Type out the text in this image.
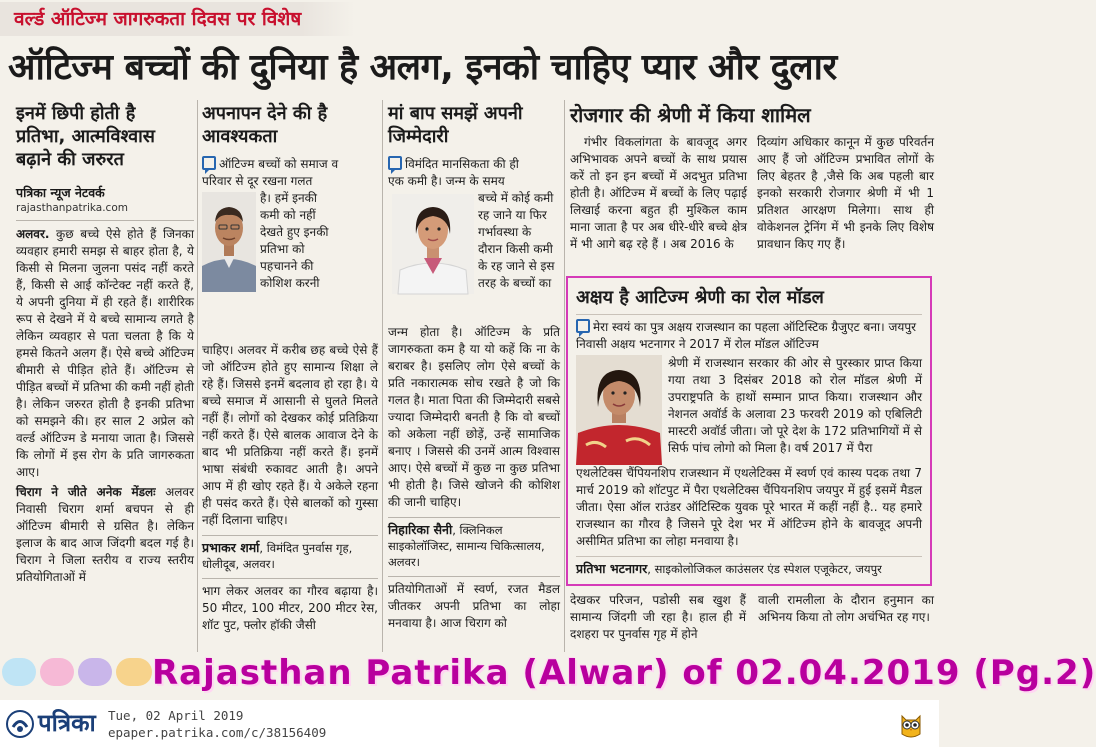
वर्ल्ड ऑटिज्म जागरुकता दिवस पर विशेष
ऑटिज्म बच्चों की दुनिया है अलग, इनको चाहिए प्यार और दुलार
इनमें छिपी होती है
प्रतिभा, आत्मविश्वास
बढ़ाने की जरुरत
पत्रिका न्यूज नेटवर्क
rajasthanpatrika.com

अलवर. कुछ बच्चे ऐसे होते हैं जिनका व्यवहार हमारी समझ से बाहर होता है, ये किसी से मिलना जुलना पसंद नहीं करते हैं, किसी से आई कॉन्टेक्ट नहीं करते हैं, ये अपनी दुनिया में ही रहते हैं। शारीरिक रूप से देखने में ये बच्चे सामान्य लगते है लेकिन व्यवहार से पता चलता है कि ये हमसे कितने अलग हैं। ऐसे बच्चे ऑटिज्म बीमारी से पीड़ित होते हैं। ऑटिज्म से पीड़ित बच्चों में प्रतिभा की कमी नहीं होती है। लेकिन जरुरत होती है इनकी प्रतिभा को समझने की। हर साल 2 अप्रेल को वर्ल्ड ऑटिज्म डे मनाया जाता है। जिससे कि लोगों में इस रोग के प्रति जागरुकता आए।

चिराग ने जीते अनेक मेंडलः अलवर निवासी चिराग शर्मा बचपन से ही ऑटिज्म बीमारी से ग्रसित है। लेकिन इलाज के बाद आज जिंदगी बदल गई है। चिराग ने जिला स्तरीय व राज्य स्तरीय प्रतियोगिताओं में

अपनापन देने की है
आवश्यकता
ऑटिज्म बच्चों को समाज व
परिवार से दूर रखना गलत
है। हमें इनकी
कमी को नहीं
देखते हुए इनकी
प्रतिभा को
पहचानने की
कोशिश करनी

चाहिए। अलवर में करीब छह बच्चे ऐसे हैं जो ऑटिज्म होते हुए सामान्य शिक्षा ले रहे हैं। जिससे इनमें बदलाव हो रहा है। ये बच्चे समाज में आसानी से घुलते मिलते नहीं हैं। लोगों को देखकर कोई प्रतिक्रिया नहीं करते हैं। ऐसे बालक आवाज देने के बाद भी प्रतिक्रिया नहीं करते हैं। इनमें भाषा संबंधी रुकावट आती है। अपने आप में ही खोए रहते हैं। ये अकेले रहना ही पसंद करते हैं। ऐसे बालकों को गुस्सा नहीं दिलाना चाहिए।

प्रभाकर शर्मा, विमंदित पुनर्वास गृह, धोलीदूब, अलवर।

भाग लेकर अलवर का गौरव बढ़ाया है। 50 मीटर, 100 मीटर, 200 मीटर रेस, शॉट पुट, फ्लोर हॉकी जैसी

मां बाप समझें अपनी
जिम्मेदारी
विमंदित मानसिकता की ही
एक कमी है। जन्म के समय
बच्चे में कोई कमी
रह जाने या फिर
गर्भावस्था के
दौरान किसी कमी
के रह जाने से इस
तरह के बच्चों का

जन्म होता है। ऑटिज्म के प्रति जागरुकता कम है या यो कहें कि ना के बराबर है। इसलिए लोग ऐसे बच्चों के प्रति नकारात्मक सोच रखते है जो कि गलत है। माता पिता की जिम्मेदारी सबसे ज्यादा जिम्मेदारी बनती है कि वो बच्चों को अकेला नहीं छोड़ें, उन्हें सामाजिक बनाए । जिससे की उनमें आत्म विश्वास आए। ऐसे बच्चों में कुछ ना कुछ प्रतिभा भी होती है। जिसे खोजने की कोशिश की जानी चाहिए।

निहारिका सैनी, क्लिनिकल साइकोलॉजिस्ट, सामान्य चिकित्सालय, अलवर।

प्रतियोगिताओं में स्वर्ण, रजत मैडल जीतकर अपनी प्रतिभा का लोहा मनवाया है। आज चिराग को

रोजगार की श्रेणी में किया शामिल

गंभीर विकलांगता के बावजूद अगर अभिभावक अपने बच्चों के साथ प्रयास करें तो इन इन बच्चों में अदभुत प्रतिभा होती है। ऑटिज्म में बच्चों के लिए पढ़ाई लिखाई करना बहुत ही मुश्किल काम माना जाता है पर अब धीरे-धीरे बच्चे क्षेत्र में भी आगे बढ़ रहे हैं । अब 2016 के

दिव्यांग अधिकार कानून में कुछ परिवर्तन आए हैं जो ऑटिज्म प्रभावित लोगों के लिए बेहतर है ,जैसे कि अब पहली बार इनको सरकारी रोजगार श्रेणी में भी 1 प्रतिशत आरक्षण मिलेगा। साथ ही वोकेशनल ट्रेनिंग में भी इनके लिए विशेष प्रावधान किए गए हैं।

अक्षय है आटिज्म श्रेणी का रोल मॉडल

मेरा स्वयं का पुत्र अक्षय राजस्थान का पहला ऑटिस्टिक ग्रैजुएट बना। जयपुर निवासी अक्षय भटनागर ने 2017 में रोल मॉडल ऑटिज्म

श्रेणी में राजस्थान सरकार की ओर से पुरस्कार प्राप्त किया गया तथा 3 दिसंबर 2018 को रोल मॉडल श्रेणी में उपराष्ट्रपति के हाथों सम्मान प्राप्त किया। राजस्थान और नेशनल अवॉर्ड के अलावा 23 फरवरी 2019 को एबिलिटी मास्टरी अवॉर्ड जीता। जो पूरे देश के 172 प्रतिभागियों में से सिर्फ पांच लोगो को मिला है। वर्ष 2017 में पैरा

एथलेटिक्स चैंपियनशिप राजस्थान में एथलेटिक्स में स्वर्ण एवं कास्य पदक तथा 7 मार्च 2019 को शॉटपुट में पैरा एथलेटिक्स चैंपियनशिप जयपुर में हुई इसमें मैडल जीता। ऐसा ऑल राउंडर ऑटिस्टिक युवक पूरे भारत में कहीं नहीं है.. यह हमारे राजस्थान का गौरव है जिसने पूरे देश भर में ऑटिज्म होने के बावजूद अपनी असीमित प्रतिभा का लोहा मनवाया है।

प्रतिभा भटनागर, साइकोलोजिकल काउंसलर एंड स्पेशल एजूकेटर, जयपुर

देखकर परिजन, पडोसी सब खुश हैं सामान्य जिंदगी जी रहा है। हाल ही में दशहरा पर पुनर्वास गृह में होने

वाली रामलीला के दौरान हनुमान का अभिनय किया तो लोग अचंभित रह गए।

Rajasthan Patrika (Alwar) of 02.04.2019 (Pg.2)
पत्रिका Tue, 02 April 2019
epaper.patrika.com/c/38156409
